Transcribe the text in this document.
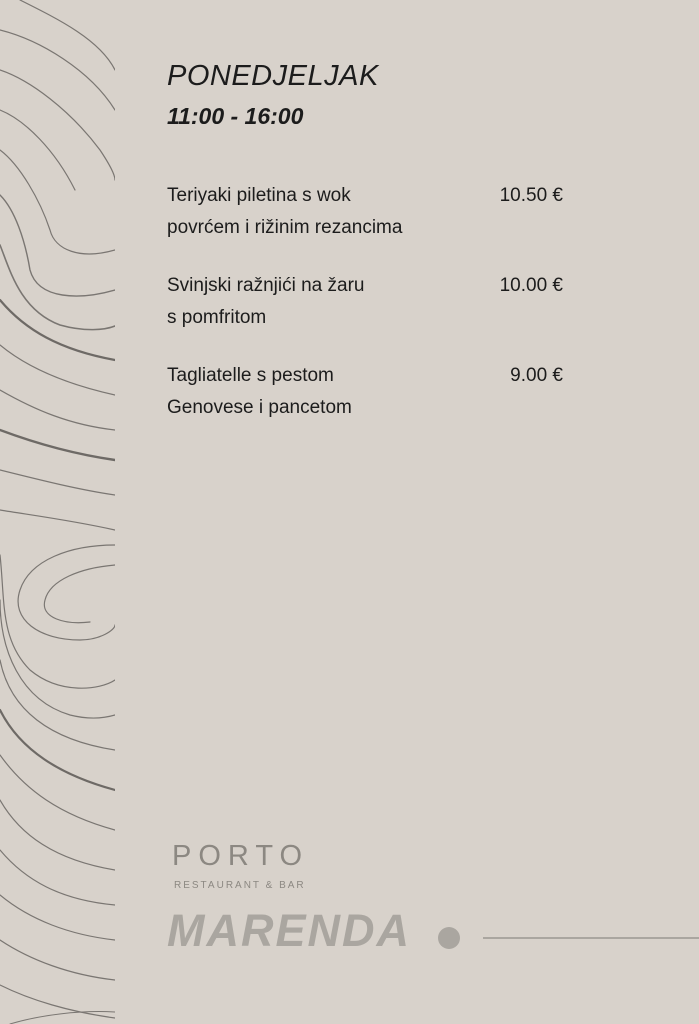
PONEDJELJAK
11:00 - 16:00
Teriyaki piletina s wok
povrćem i rižinim rezancima
10.50 €
Svinjski ražnjići na žaru
s pomfritom
10.00 €
Tagliatelle s pestom
Genovese i pancetom
9.00 €
PORTO
RESTAURANT & BAR
MARENDA
